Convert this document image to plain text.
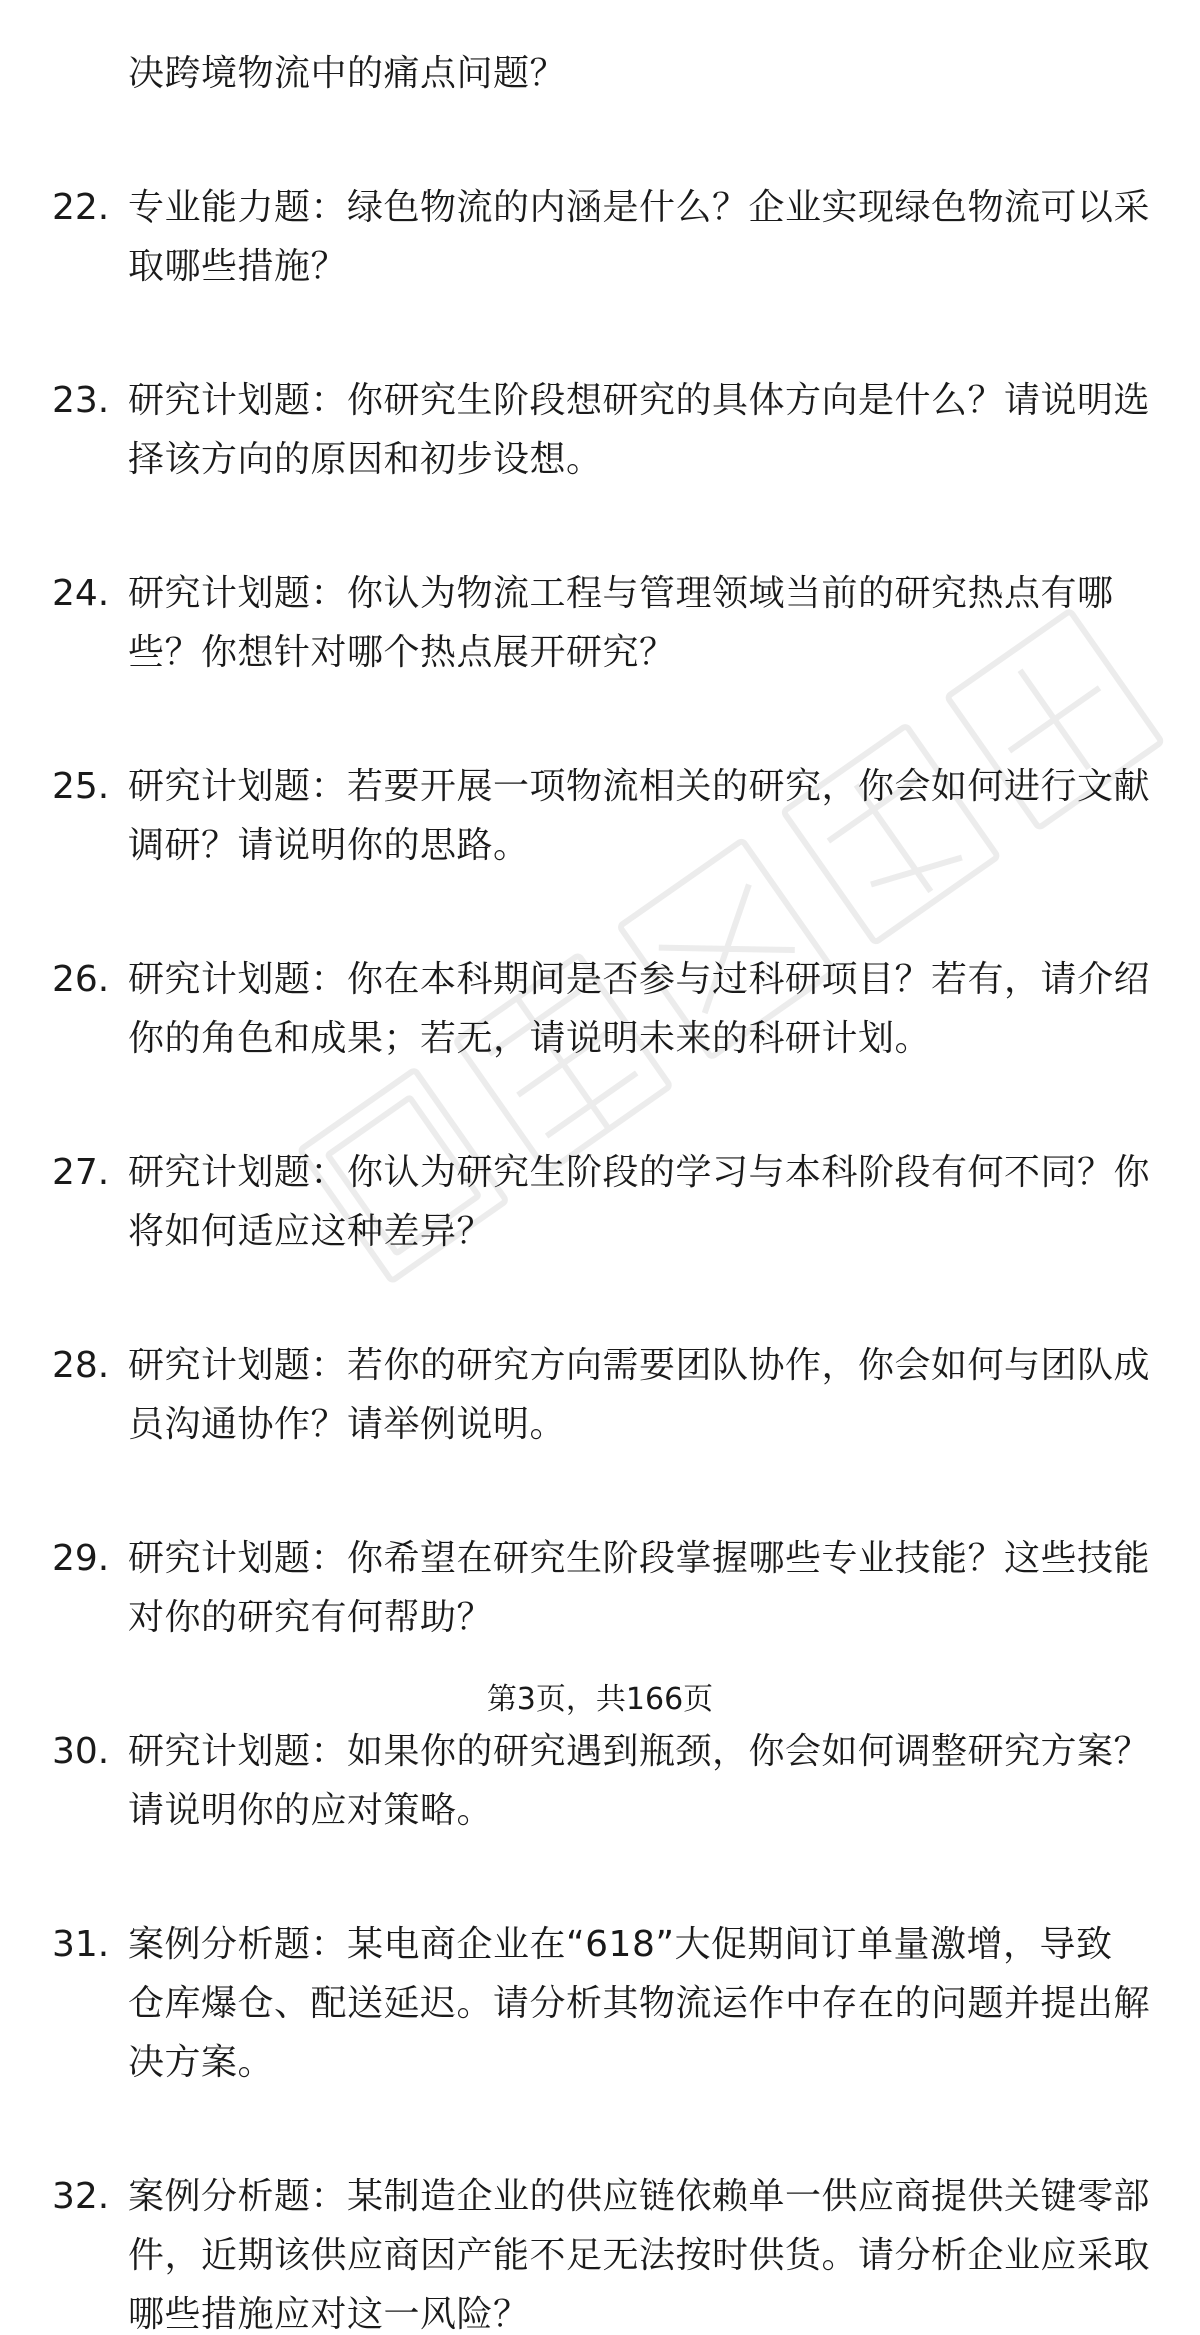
决跨境物流中的痛点问题？
22. 专业能力题：绿色物流的内涵是什么？企业实现绿色物流可以采
取哪些措施？
23. 研究计划题：你研究生阶段想研究的具体方向是什么？请说明选
择该方向的原因和初步设想。
24. 研究计划题：你认为物流工程与管理领域当前的研究热点有哪
些？你想针对哪个热点展开研究？
25. 研究计划题：若要开展一项物流相关的研究，你会如何进行文献
调研？请说明你的思路。
26. 研究计划题：你在本科期间是否参与过科研项目？若有，请介绍
你的角色和成果；若无，请说明未来的科研计划。
27. 研究计划题：你认为研究生阶段的学习与本科阶段有何不同？你
将如何适应这种差异？
28. 研究计划题：若你的研究方向需要团队协作，你会如何与团队成
员沟通协作？请举例说明。
29. 研究计划题：你希望在研究生阶段掌握哪些专业技能？这些技能
对你的研究有何帮助？
30. 研究计划题：如果你的研究遇到瓶颈，你会如何调整研究方案？
请说明你的应对策略。
31. 案例分析题：某电商企业在“618”大促期间订单量激增，导致
仓库爆仓、配送延迟。请分析其物流运作中存在的问题并提出解
决方案。
32. 案例分析题：某制造企业的供应链依赖单一供应商提供关键零部
件，近期该供应商因产能不足无法按时供货。请分析企业应采取
哪些措施应对这一风险？
第3页，共166页
